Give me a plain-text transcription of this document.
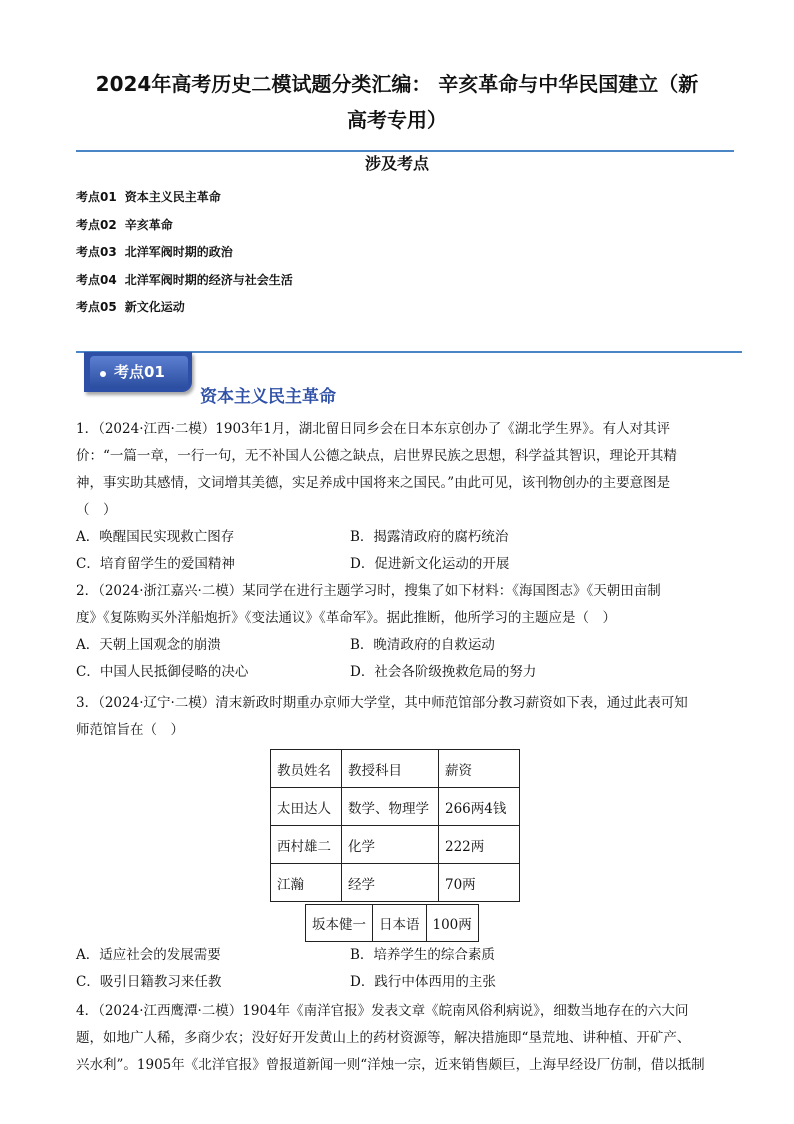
2024年高考历史二模试题分类汇编： 辛亥革命与中华民国建立（新
高考专用）
涉及考点
考点01 资本主义民主革命
考点02 辛亥革命
考点03 北洋军阀时期的政治
考点04 北洋军阀时期的经济与社会生活
考点05 新文化运动
考点01
资本主义民主革命
1．（2024·江西·二模）1903年1月，湖北留日同乡会在日本东京创办了《湖北学生界》。有人对其评
价：“一篇一章，一行一句，无不补国人公德之缺点，启世界民族之思想，科学益其智识，理论开其精
神，事实助其感情，文词增其美德，实足养成中国将来之国民。”由此可见，该刊物创办的主要意图是
（　）
A．唤醒国民实现救亡图存	B．揭露清政府的腐朽统治
C．培育留学生的爱国精神	D．促进新文化运动的开展
2．（2024·浙江嘉兴·二模）某同学在进行主题学习时，搜集了如下材料：《海国图志》《天朝田亩制
度》《复陈购买外洋船炮折》《变法通议》《革命军》。据此推断，他所学习的主题应是（　）
A．天朝上国观念的崩溃	B．晚清政府的自救运动
C．中国人民抵御侵略的决心	D．社会各阶级挽救危局的努力
3．（2024·辽宁·二模）清末新政时期重办京师大学堂，其中师范馆部分教习薪资如下表，通过此表可知
师范馆旨在（　）
教员姓名	教授科目	薪资
太田达人	数学、物理学	266两4钱
西村雄二	化学	222两
江瀚	经学	70两
坂本健一	日本语	100两
A．适应社会的发展需要	B．培养学生的综合素质
C．吸引日籍教习来任教	D．践行中体西用的主张
4．（2024·江西鹰潭·二模）1904年《南洋官报》发表文章《皖南风俗利病说》，细数当地存在的六大问
题，如地广人稀，多商少农；没好好开发黄山上的药材资源等，解决措施即“垦荒地、讲种植、开矿产、
兴水利”。1905年《北洋官报》曾报道新闻一则“洋烛一宗，近来销售颇巨，上海早经设厂仿制，借以抵制
